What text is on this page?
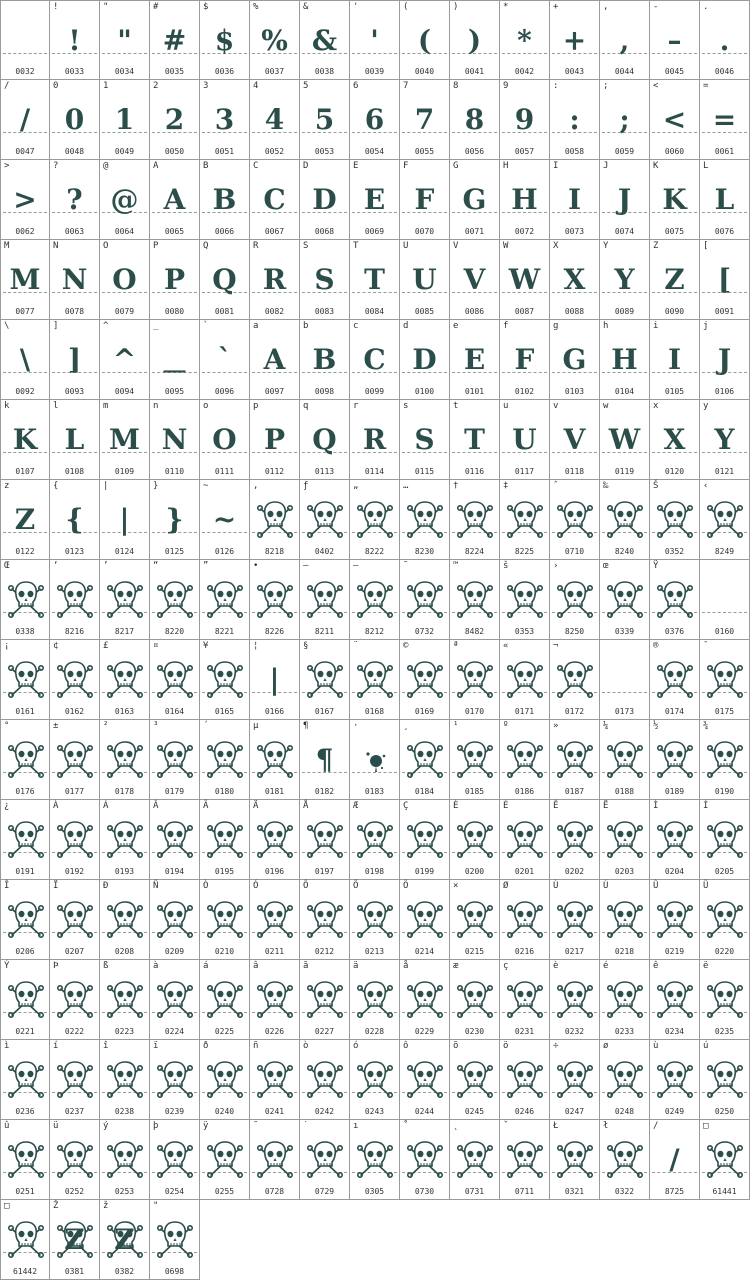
0032
!
!
0033
"
"
0034
#
#
0035
$
$
0036
%
%
0037
&
&
0038
'
'
0039
(
(
0040
)
)
0041
*
*
0042
+
+
0043
,
,
0044
-
–
0045
.
.
0046
/
/
0047
0
0
0048
1
1
0049
2
2
0050
3
3
0051
4
4
0052
5
5
0053
6
6
0054
7
7
0055
8
8
0056
9
9
0057
:
:
0058
;
;
0059
<
<
0060
=
=
0061
>
>
0062
?
?
0063
@
@
0064
A
A
0065
B
B
0066
C
C
0067
D
D
0068
E
E
0069
F
F
0070
G
G
0071
H
H
0072
I
I
0073
J
J
0074
K
K
0075
L
L
0076
M
M
0077
N
N
0078
O
O
0079
P
P
0080
Q
Q
0081
R
R
0082
S
S
0083
T
T
0084
U
U
0085
V
V
0086
W
W
0087
X
X
0088
Y
Y
0089
Z
Z
0090
[
[
0091
\
\
0092
]
]
0093
^
^
0094
_
__
0095
`
`
0096
a
A
0097
b
B
0098
c
C
0099
d
D
0100
e
E
0101
f
F
0102
g
G
0103
h
H
0104
i
I
0105
j
J
0106
k
K
0107
l
L
0108
m
M
0109
n
N
0110
o
O
0111
p
P
0112
q
Q
0113
r
R
0114
s
S
0115
t
T
0116
u
U
0117
v
V
0118
w
W
0119
x
X
0120
y
Y
0121
z
Z
0122
{
{
0123
|
|
0124
}
}
0125
~
~
0126
,
8218
ƒ
0402
„
8222
…
8230
†
8224
‡
8225
ˆ
0710
‰
8240
Š
0352
‹
8249
Œ
0338
‘
8216
’
8217
“
8220
”
8221
•
8226
–
8211
—
8212
˜
0732
™
8482
š
0353
›
8250
œ
0339
Ÿ
0376	0160
¡
0161
¢
0162
£
0163
¤
0164
¥
0165
¦
|
0166
§
0167
¨
0168
©
0169
ª
0170
«
0171
¬
0172	0173
®
0174
¯
0175
°
0176
±
0177
²
0178
³
0179
´
0180
µ
0181
¶
¶
0182
·
0183
¸
0184
¹
0185
º
0186
»
0187
¼
0188
½
0189
¾
0190
¿
0191
À
0192
Á
0193
Â
0194
Ã
0195
Ä
0196
Å
0197
Æ
0198
Ç
0199
È
0200
É
0201
Ê
0202
Ë
0203
Ì
0204
Í
0205
Î
0206
Ï
0207
Ð
0208
Ñ
0209
Ò
0210
Ó
0211
Ô
0212
Õ
0213
Ö
0214
×
0215
Ø
0216
Ù
0217
Ú
0218
Û
0219
Ü
0220
Ý
0221
Þ
0222
ß
0223
à
0224
á
0225
â
0226
ã
0227
ä
0228
å
0229
æ
0230
ç
0231
è
0232
é
0233
ê
0234
ë
0235
ì
0236
í
0237
î
0238
ï
0239
ð
0240
ñ
0241
ò
0242
ó
0243
ô
0244
õ
0245
ö
0246
÷
0247
ø
0248
ù
0249
ú
0250
û
0251
ü
0252
ý
0253
þ
0254
ÿ
0255
˜
0728
˙
0729
ı
0305
˚
0730
˛
0731
ˇ
0711
Ł
0321
ł
0322
∕
/
8725
□
61441
□
61442
Ž
Z
0381
ž
Z
0382
"
0698
